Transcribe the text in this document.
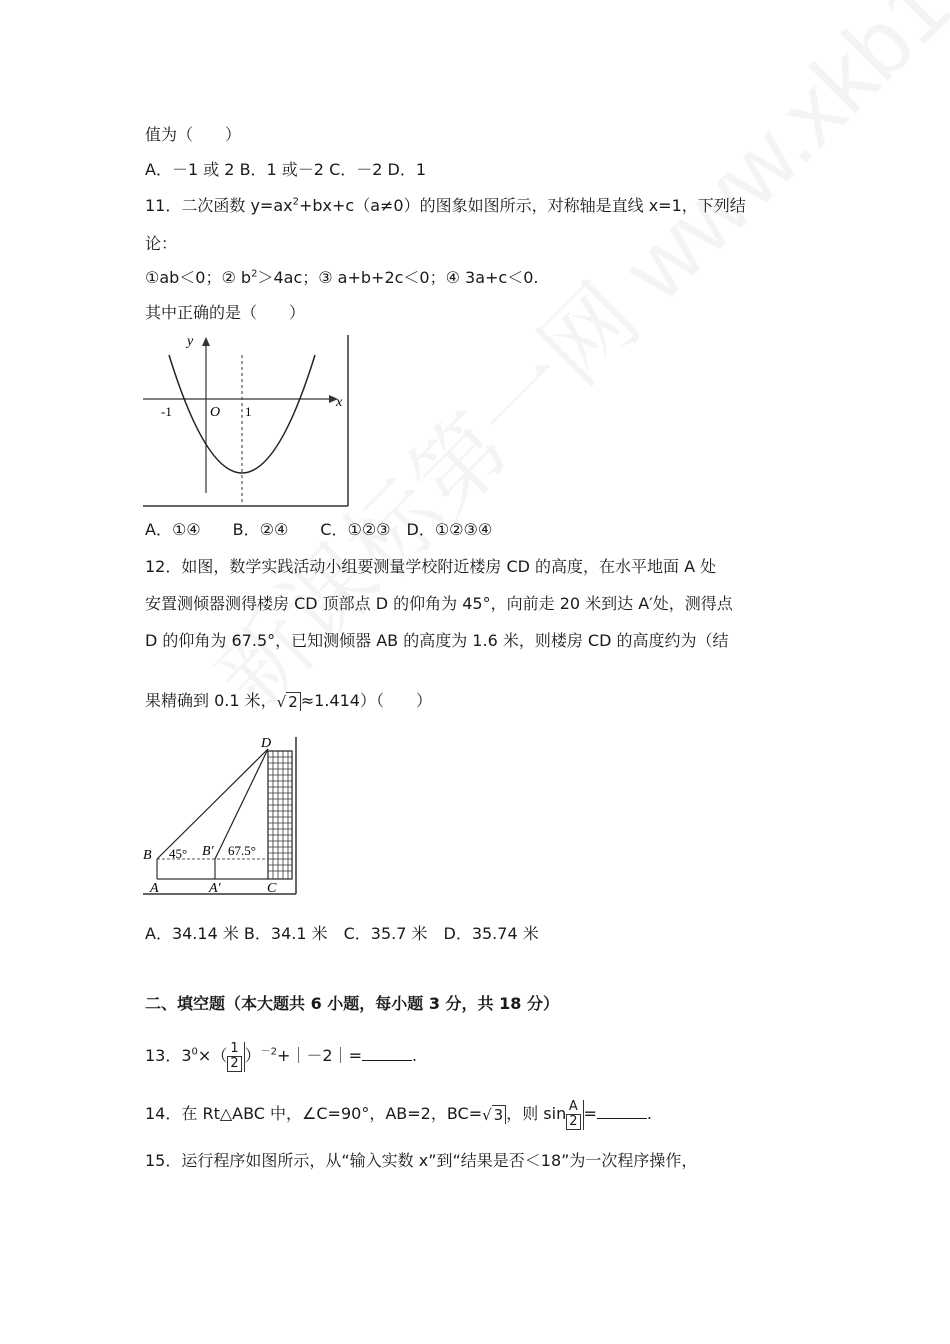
值为（　　）
A．－1 或 2 B．1 或－2 C．－2 D．1
11．二次函数 $y=ax^2+bx+c(a\ne 0)$的图象如图所示，对称轴是直线 x=1，下列结
论：
①ab＜0；② $b^2>4ac$；③ a+b+2c＜0；④ 3a+c＜0.
其中正确的是（　　）
y
x
O
-1	1
A．①④　　B．②④　　C．①②③　D．①②③④
12．如图，数学实践活动小组要测量学校附近楼房 CD 的高度，在水平地面 A 处
安置测倾器测得楼房 CD 顶部点 D 的仰角为 45°，向前走 20 米到达 A′处，测得点
D 的仰角为 67.5°，已知测倾器 AB 的高度为 1.6 米，则楼房 CD 的高度约为（结
果精确到 0.1 米，√ 2 ≈1.414）（　　）
D
B	B′
45°	67.5°
A	A′	C
A．34.14 米 B．34.1 米　C．35.7 米　D．35.74 米
二、填空题（本大题共 6 小题，每小题 3 分，共 18 分）
13．$3^0\times( \frac{1}{2}$ ）$^{-2}+|-2|=$	.
14．在 Rt△ABC 中，∠C=90°，AB=2，BC=√ 3 ，则 $\sin \frac{A}{2}$ =	.
15．运行程序如图所示，从“输入实数 x”到“结果是否＜18”为一次程序操作，
